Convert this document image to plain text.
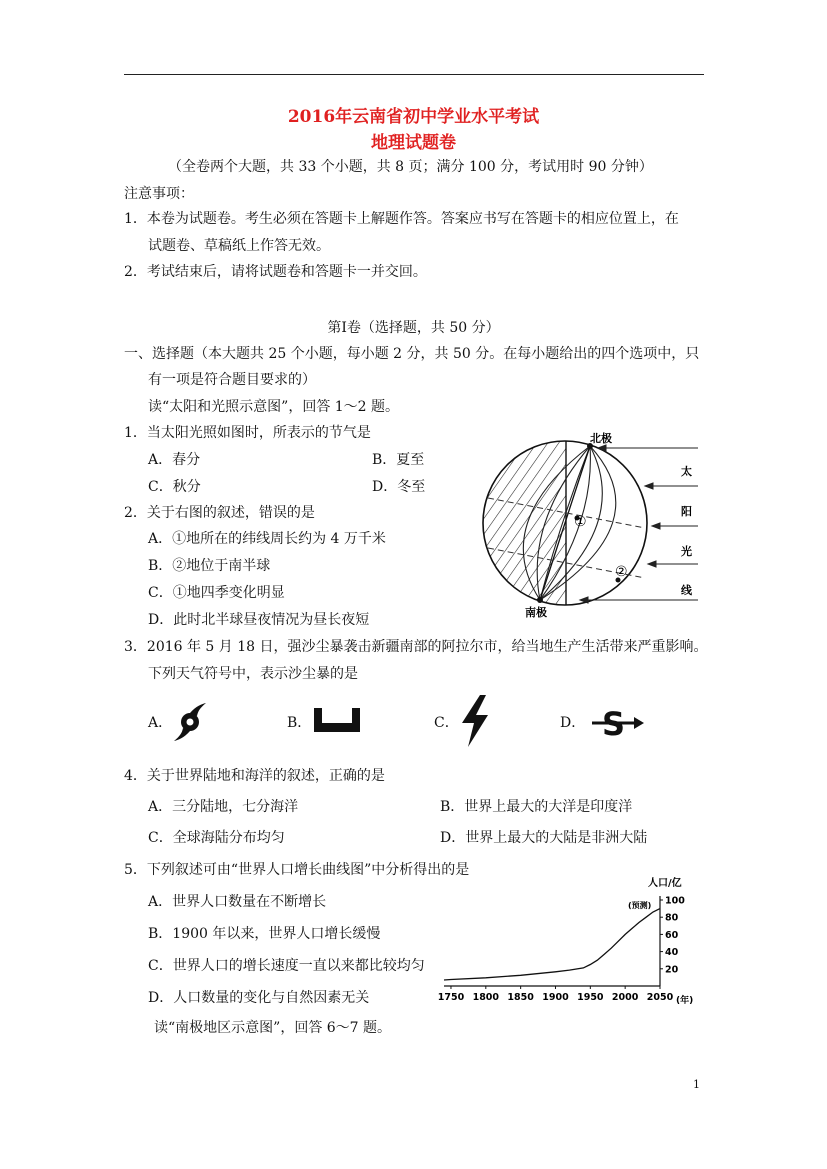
2016年云南省初中学业水平考试
地理试题卷
（全卷两个大题，共 33 个小题，共 8 页；满分 100 分，考试用时 90 分钟）
注意事项：
1．本卷为试题卷。考生必须在答题卡上解题作答。答案应书写在答题卡的相应位置上，在
试题卷、草稿纸上作答无效。
2．考试结束后，请将试题卷和答题卡一并交回。
第Ⅰ卷（选择题，共 50 分）
一、选择题（本大题共 25 个小题，每小题 2 分，共 50 分。在每小题给出的四个选项中，只
有一项是符合题目要求的）
读“太阳和光照示意图”，回答 1～2 题。
1．当太阳光照如图时，所表示的节气是
A．春分	B．夏至
C．秋分	D．冬至
2．关于右图的叙述，错误的是
A．①地所在的纬线周长约为 4 万千米
B．②地位于南半球
C．①地四季变化明显
D．此时北半球昼夜情况为昼长夜短
北极
南极
①
②
太
阳
光
线
3．2016 年 5 月 18 日，强沙尘暴袭击新疆南部的阿拉尔市，给当地生产生活带来严重影响。
下列天气符号中，表示沙尘暴的是
A．	B．	C．	D． S
4．关于世界陆地和海洋的叙述，正确的是
A．三分陆地，七分海洋	B．世界上最大的大洋是印度洋
C．全球海陆分布均匀	D．世界上最大的大陆是非洲大陆
5．下列叙述可由“世界人口增长曲线图”中分析得出的是
A．世界人口数量在不断增长
B．1900 年以来，世界人口增长缓慢
C．世界人口的增长速度一直以来都比较均匀
D．人口数量的变化与自然因素无关
人口/亿
(年)
(预测)
1750 1800 1850 1900 1950 2000 2050
20
40
60
80
100
读“南极地区示意图”，回答 6～7 题。
1
